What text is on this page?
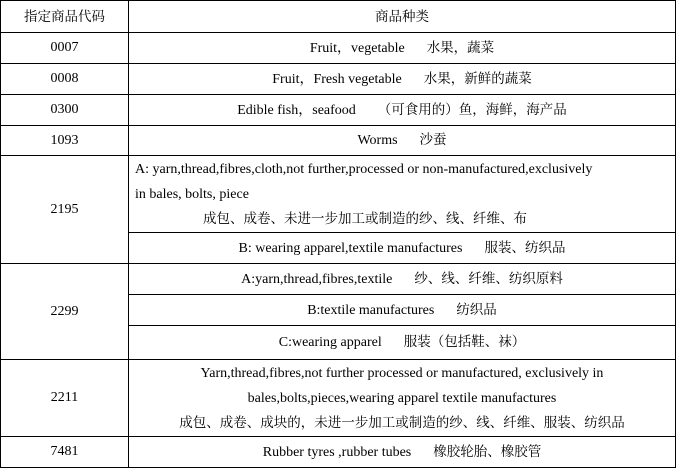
指定商品代码	商品种类
0007	Fruit，vegetable 水果，蔬菜
0008	Fruit，Fresh vegetable 水果，新鲜的蔬菜
0300	Edible fish，seafood （可食用的）鱼，海鲜，海产品
1093	Worms 沙蚕
2195	A: yarn,thread,fibres,cloth,not further,processed or non-manufactured,exclusively
in bales, bolts, piece
成包、成卷、未进一步加工或制造的纱、线、纤维、布

	B: wearing apparel,textile manufactures 服装、纺织品
2299	A:yarn,thread,fibres,textile 纱、线、纤维、纺织原料
	B:textile manufactures 纺织品
	C:wearing apparel 服装（包括鞋、袜）
2211	Yarn,thread,fibres,not further processed or manufactured, exclusively in
bales,bolts,pieces,wearing apparel textile manufactures
成包、成卷、成块的，未进一步加工或制造的纱、线、纤维、服装、纺织品

7481	Rubber tyres ,rubber tubes 橡胶轮胎、橡胶管
